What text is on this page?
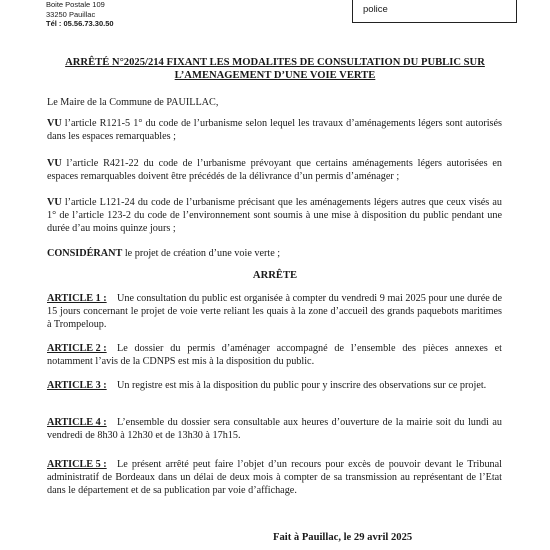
Boite Postale 109
33250 Pauillac
Tél : 05.56.73.30.50
police
ARRÊTÉ N°2025/214 FIXANT LES MODALITES DE CONSULTATION DU PUBLIC SUR
L’AMENAGEMENT D’UNE VOIE VERTE
Le Maire de la Commune de PAUILLAC,
VU l’article R121-5 1° du code de l’urbanisme selon lequel les travaux d’aménagements légers sont autorisés dans les espaces remarquables ;
VU l’article R421-22 du code de l’urbanisme prévoyant que certains aménagements légers autorisées en espaces remarquables doivent être précédés de la délivrance d’un permis d’aménager ;
VU l’article L121-24 du code de l’urbanisme précisant que les aménagements légers autres que ceux visés au 1° de l’article 123-2 du code de l’environnement sont soumis à une mise à disposition du public pendant une durée d’au moins quinze jours ;
CONSIDÉRANT le projet de création d’une voie verte ;
ARRÊTE
ARTICLE 1 :	Une consultation du public est organisée à compter du vendredi 9 mai 2025 pour une durée de 15 jours concernant le projet de voie verte reliant les quais à la zone d’accueil des grands paquebots maritimes à Trompeloup.
ARTICLE 2 :	Le dossier du permis d’aménager accompagné de l’ensemble des pièces annexes et notamment l’avis de la CDNPS est mis à la disposition du public.
ARTICLE 3 :	Un registre est mis à la disposition du public pour y inscrire des observations sur ce projet.
ARTICLE 4 :	L’ensemble du dossier sera consultable aux heures d’ouverture de la mairie soit du lundi au vendredi de 8h30 à 12h30 et de 13h30 à 17h15.
ARTICLE 5 :	Le présent arrêté peut faire l’objet d’un recours pour excès de pouvoir devant le Tribunal administratif de Bordeaux dans un délai de deux mois à compter de sa transmission au représentant de l’Etat dans le département et de sa publication par voie d’affichage.
Fait à Pauillac, le 29 avril 2025
